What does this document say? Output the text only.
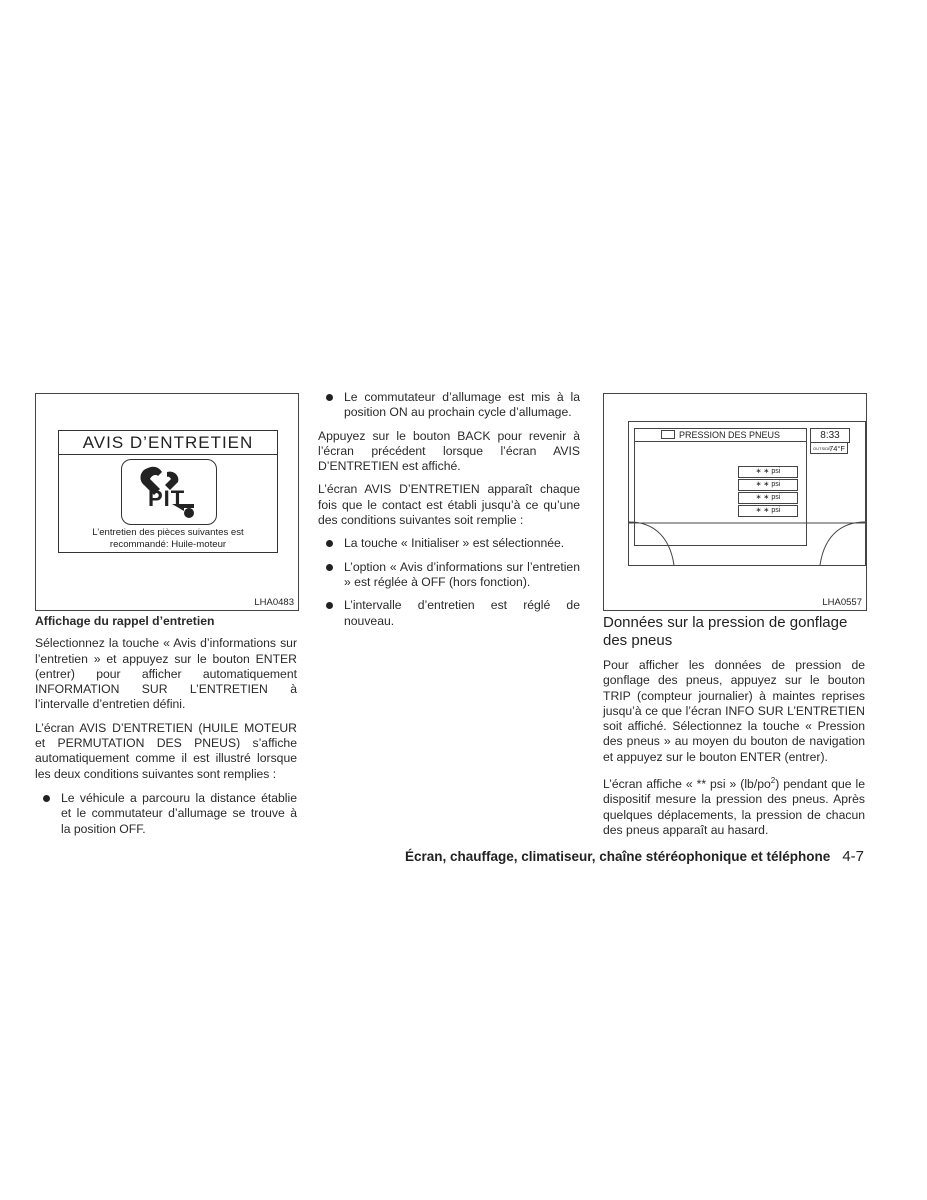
AVIS D’ENTRETIEN
PIT
L’entretien des pièces suivantes est
recommandé: Huile-moteur
LHA0483

Affichage du rappel d’entretien

Sélectionnez la touche « Avis d’informations sur l’entretien » et appuyez sur le bouton ENTER (entrer) pour afficher automatiquement INFORMATION SUR L’ENTRETIEN à l’intervalle d’entretien défini.

L’écran AVIS D’ENTRETIEN (HUILE MOTEUR et PERMUTATION DES PNEUS) s’affiche automatiquement comme il est illustré lorsque les deux conditions suivantes sont remplies :

Le véhicule a parcouru la distance établie et le commutateur d’allumage se trouve à la position OFF.
Le commutateur d’allumage est mis à la position ON au prochain cycle d’allumage.

Appuyez sur le bouton BACK pour revenir à l’écran précédent lorsque l’écran AVIS D’ENTRETIEN est affiché.

L’écran AVIS D’ENTRETIEN apparaît chaque fois que le contact est établi jusqu’à ce qu’une des conditions suivantes soit remplie :

La touche « Initialiser » est sélectionnée.
L’option « Avis d’informations sur l’entretien » est réglée à OFF (hors fonction).
L’intervalle d’entretien est réglé de nouveau.
PRESSION DES PNEUS
∗ ∗ psi
∗ ∗ psi
∗ ∗ psi
∗ ∗ psi
8:33
OUTSIDE
74°F
LHA0557
Données sur la pression de gonflage des pneus

Pour afficher les données de pression de gonflage des pneus, appuyez sur le bouton TRIP (compteur journalier) à maintes reprises jusqu’à ce que l’écran INFO SUR L’ENTRETIEN soit affiché. Sélectionnez la touche « Pression des pneus » au moyen du bouton de navigation et appuyez sur le bouton ENTER (entrer).

L’écran affiche « ** psi » $(lb/po^2)$ pendant que le dispositif mesure la pression des pneus. Après quelques déplacements, la pression de chacun des pneus apparaît au hasard.

Écran, chauffage, climatiseur, chaîne stéréophonique et téléphone 4-7
